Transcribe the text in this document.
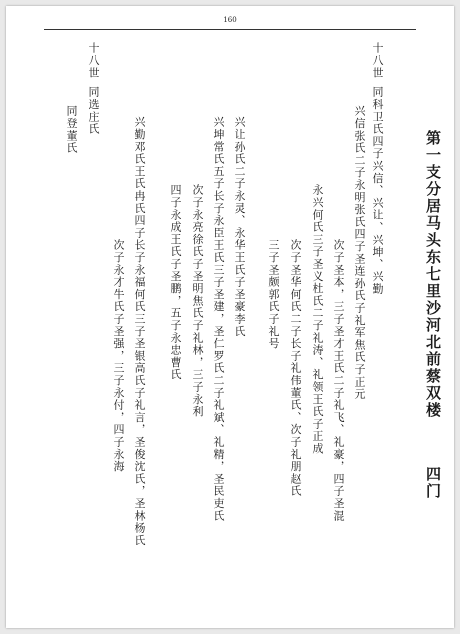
160
第一支分居马头东七里沙河北前蔡双楼
四门
十八世
同科卫氏四子兴信、兴让、兴坤、兴勤
兴信张氏二子永明张氏四子圣连孙氏子礼军焦氏子正元
次子圣本，三子圣才王氏二子礼飞、礼豪，四子圣混
永兴何氏三子圣义杜氏二子礼涛、礼领王氏子正成
次子圣华何氏二子长子礼伟董氏、次子礼朋赵氏
三子圣颇郭氏子礼号
兴让孙氏二子永灵、永华王氏子圣豪李氏
兴坤常氏五子长子永臣王氏三子圣建，圣仁罗氏二子礼斌、礼精，圣民吏氏
次子永亮徐氏子圣明焦氏子礼林，三子永利
四子永成王氏子圣鹏，五子永忠曹氏
兴勤邓氏王氏冉氏四子长子永福何氏三子圣银高氏子礼言，圣俊沈氏，圣林杨氏
次子永才牛氏子圣强，三子永付，四子永海
十八世
同选庄氏
同登董氏
